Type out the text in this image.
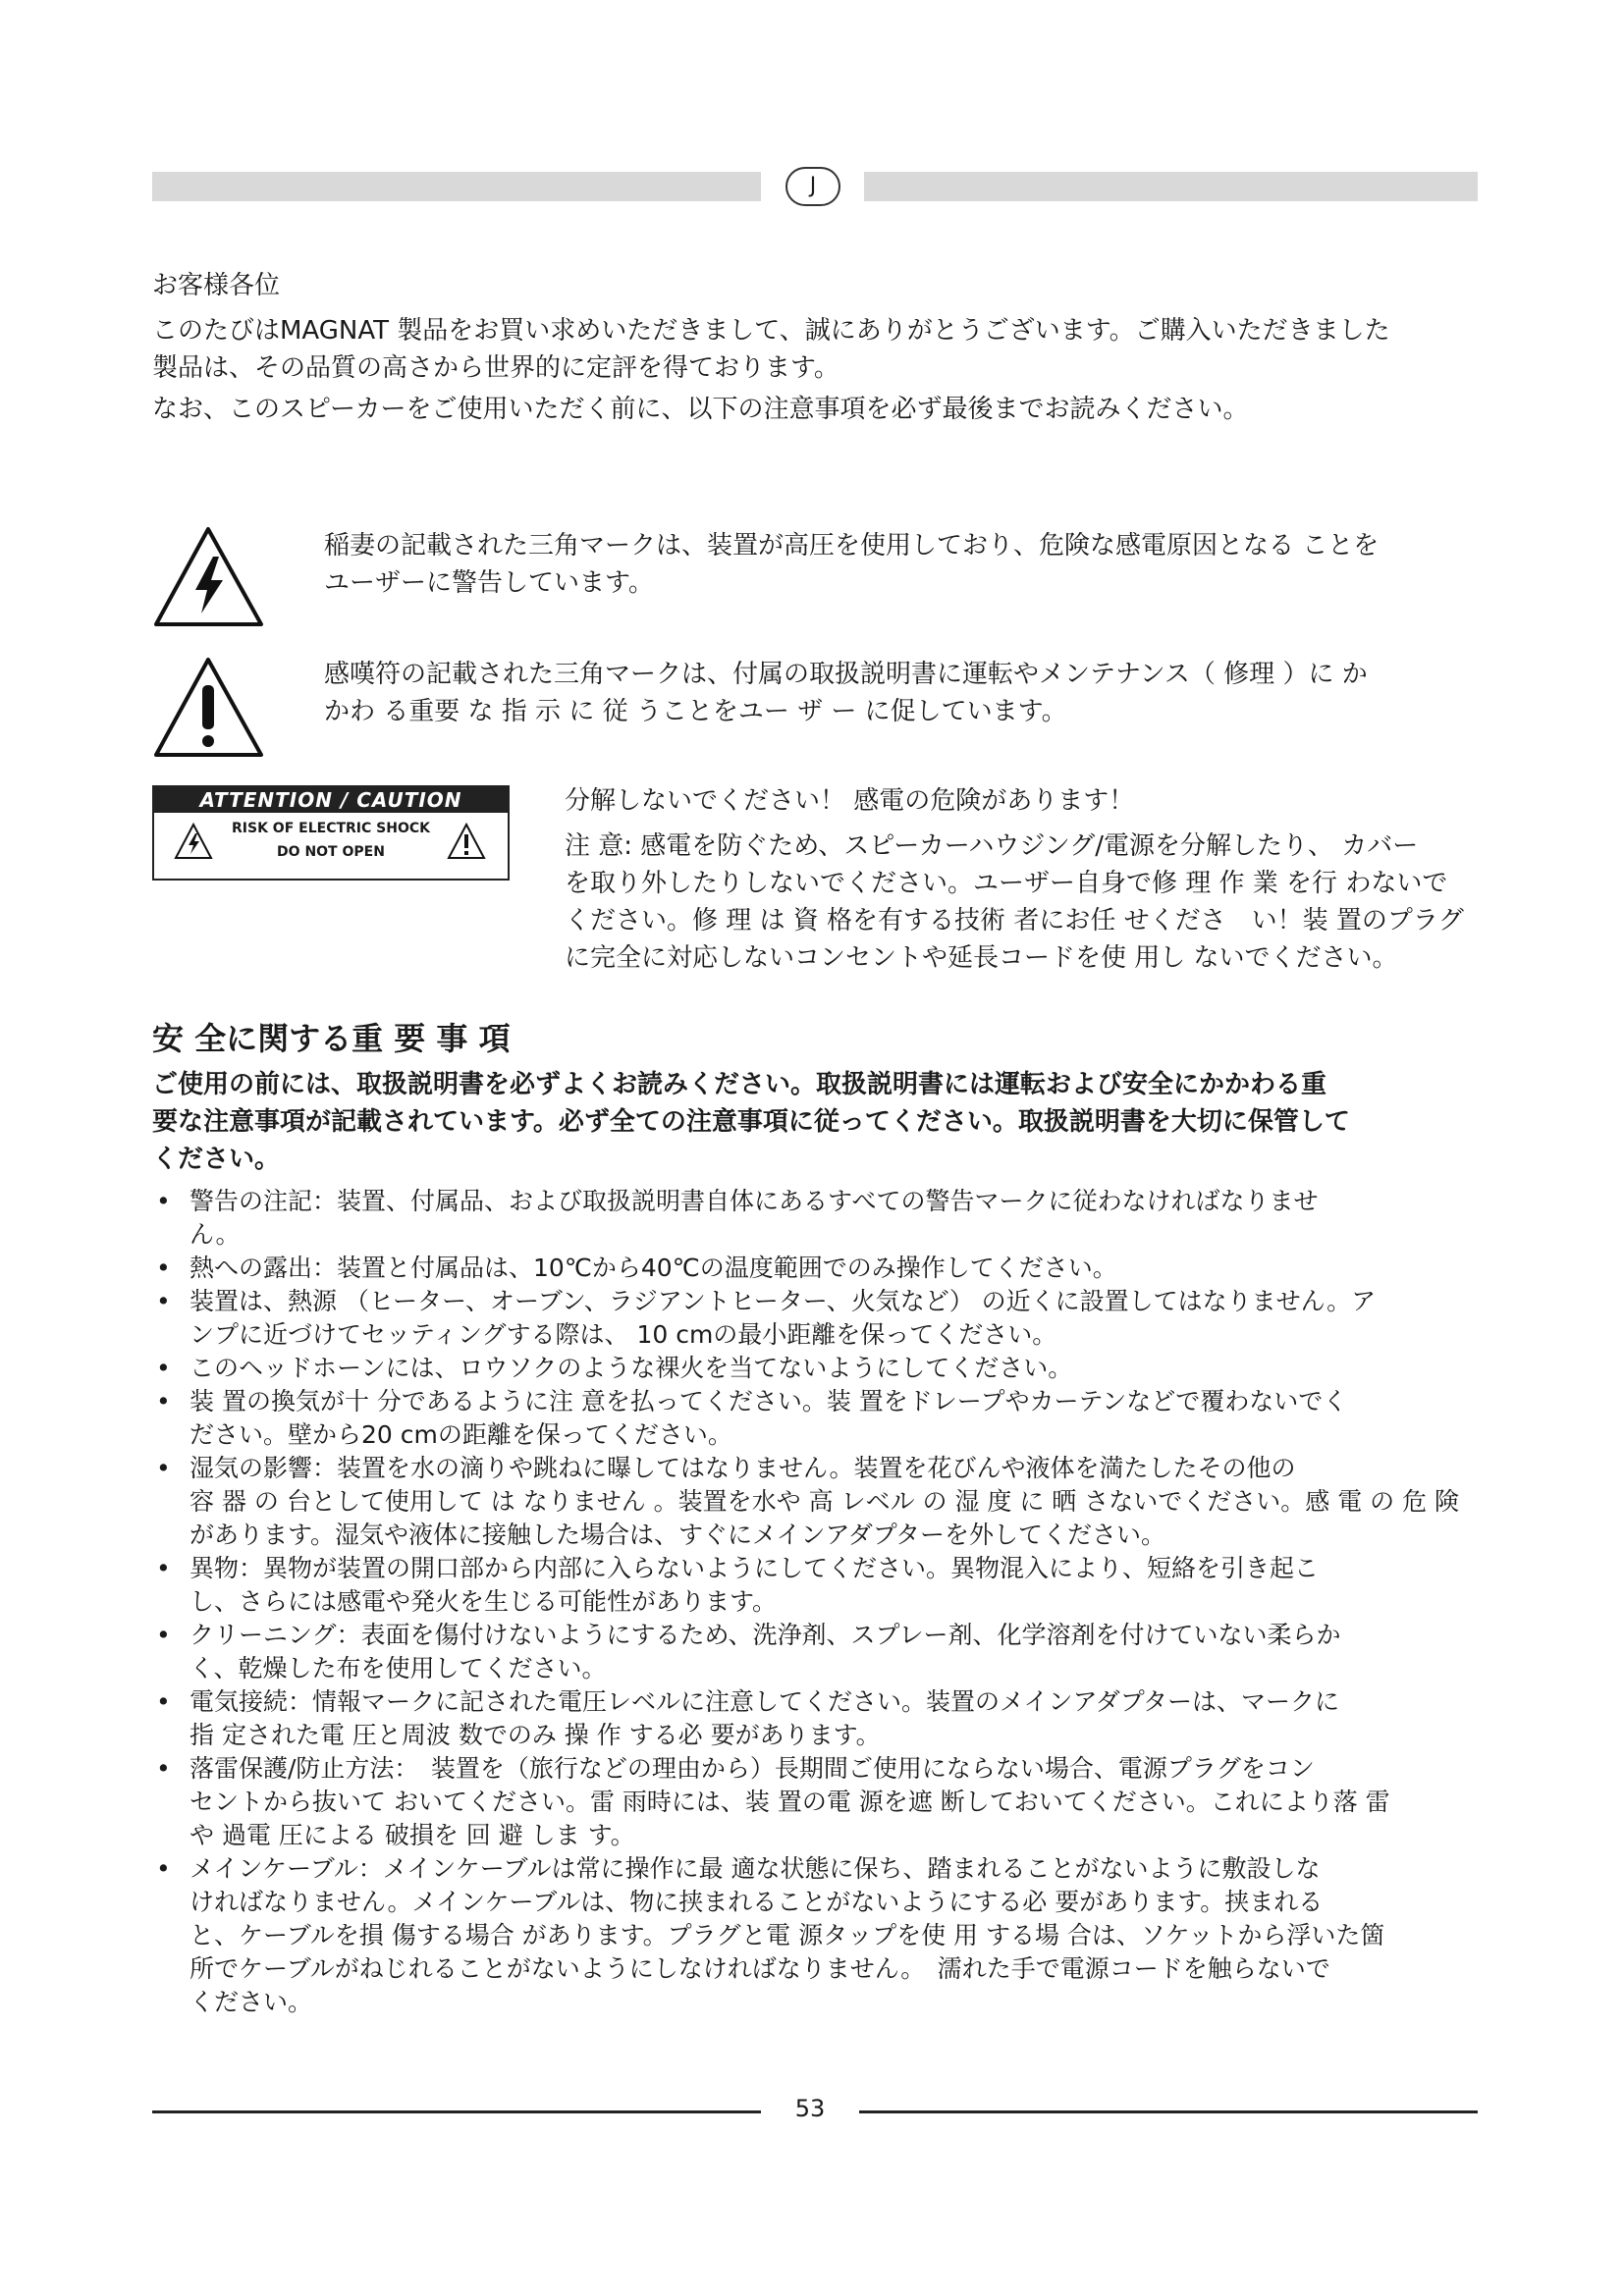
J
お客様各位
このたびはMAGNAT 製品をお買い求めいただきまして、誠にありがとうございます。ご購入いただきました
製品は、その品質の高さから世界的に定評を得ております。
なお、このスピーカーをご使用いただく前に、以下の注意事項を必ず最後までお読みください。
稲妻の記載された三角マークは、装置が高圧を使用しており、危険な感電原因となる ことを
ユーザーに警告しています。
感嘆符の記載された三角マークは、付属の取扱説明書に運転やメンテナンス（ 修理 ）に か
かわ る重要 な 指 示 に 従 うことをユー ザ ー に促しています。
ATTENTION / CAUTION
RISK OF ELECTRIC SHOCK
DO NOT OPEN
分解しないでください！ 感電の危険があります！
注 意: 感電を防ぐため、スピーカーハウジング/電源を分解したり、 カバー
を取り外したりしないでください。ユーザー自身で修 理 作 業 を行 わないで
ください。修 理 は 資 格を有する技術 者にお任 せくださ　い！装 置のプラグ
に完全に対応しないコンセントや延長コードを使 用し ないでください。
安 全に関する重 要 事 項
ご使用の前には、取扱説明書を必ずよくお読みください。取扱説明書には運転および安全にかかわる重
要な注意事項が記載されています。必ず全ての注意事項に従ってください。取扱説明書を大切に保管して
ください。
• 警告の注記：装置、付属品、および取扱説明書自体にあるすべての警告マークに従わなければなりませ
ん。
• 熱への露出：装置と付属品は、10℃から40℃の温度範囲でのみ操作してください。
• 装置は、熱源 （ヒーター、オーブン、ラジアントヒーター、火気など） の近くに設置してはなりません。ア
ンプに近づけてセッティングする際は、 10 cmの最小距離を保ってください。
• このヘッドホーンには、ロウソクのような裸火を当てないようにしてください。
• 装 置の換気が十 分であるように注 意を払ってください。装 置をドレープやカーテンなどで覆わないでく
ださい。壁から20 cmの距離を保ってください。
• 湿気の影響：装置を水の滴りや跳ねに曝してはなりません。装置を花びんや液体を満たしたその他の
容 器 の 台として使用して は なりません 。装置を水や 高 レベル の 湿 度 に 晒 さないでください。感 電 の 危 険
があります。湿気や液体に接触した場合は、すぐにメインアダプターを外してください。
• 異物：異物が装置の開口部から内部に入らないようにしてください。異物混入により、短絡を引き起こ
し、さらには感電や発火を生じる可能性があります。
• クリーニング：表面を傷付けないようにするため、洗浄剤、スプレー剤、化学溶剤を付けていない柔らか
く、乾燥した布を使用してください。
• 電気接続：情報マークに記された電圧レベルに注意してください。装置のメインアダプターは、マークに
指 定された電 圧と周波 数でのみ 操 作 する必 要があります。
• 落雷保護/防止方法：　装置を（旅行などの理由から）長期間ご使用にならない場合、電源プラグをコン
セントから抜いて おいてください。雷 雨時には、装 置の電 源を遮 断しておいてください。これにより落 雷
や 過電 圧による 破損を 回 避 しま す。
• メインケーブル：メインケーブルは常に操作に最 適な状態に保ち、踏まれることがないように敷設しな
ければなりません。メインケーブルは、物に挟まれることがないようにする必 要があります。挟まれる
と、ケーブルを損 傷する場合 があります。プラグと電 源タップを使 用 する場 合は、ソケットから浮いた箇
所でケーブルがねじれることがないようにしなければなりません。　濡れた手で電源コードを触らないで
ください。
53
